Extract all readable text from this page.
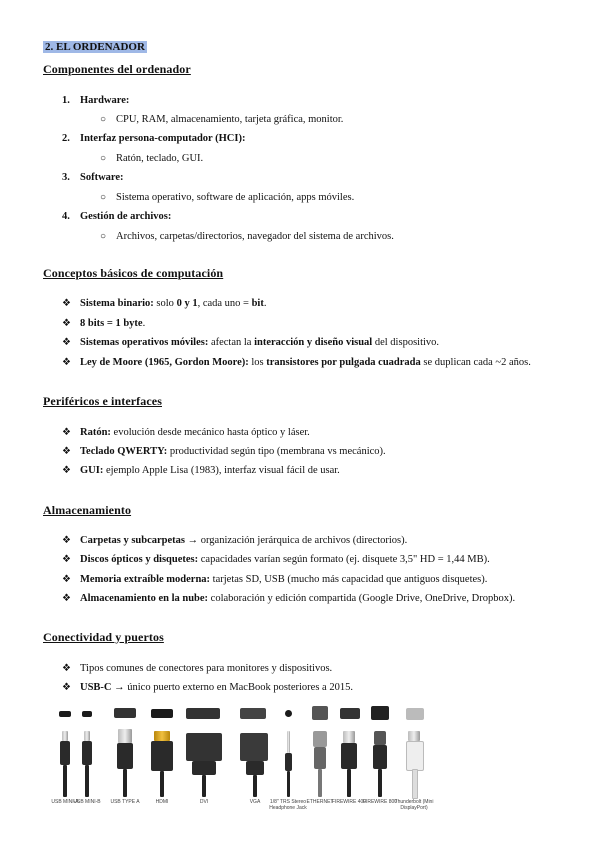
2. EL ORDENADOR
Componentes del ordenador
1. Hardware:
○ CPU, RAM, almacenamiento, tarjeta gráfica, monitor.
2. Interfaz persona-computador (HCI):
○ Ratón, teclado, GUI.
3. Software:
○ Sistema operativo, software de aplicación, apps móviles.
4. Gestión de archivos:
○ Archivos, carpetas/directorios, navegador del sistema de archivos.
Conceptos básicos de computación
❖ Sistema binario: solo 0 y 1, cada uno = bit.
❖ 8 bits = 1 byte.
❖ Sistemas operativos móviles: afectan la interacción y diseño visual del dispositivo.
❖ Ley de Moore (1965, Gordon Moore): los transistores por pulgada cuadrada se duplican cada ~2 años.
Periféricos e interfaces
❖ Ratón: evolución desde mecánico hasta óptico y láser.
❖ Teclado QWERTY: productividad según tipo (membrana vs mecánico).
❖ GUI: ejemplo Apple Lisa (1983), interfaz visual fácil de usar.
Almacenamiento
❖ Carpetas y subcarpetas → organización jerárquica de archivos (directorios).
❖ Discos ópticos y disquetes: capacidades varían según formato (ej. disquete 3,5" HD = 1,44 MB).
❖ Memoria extraíble moderna: tarjetas SD, USB (mucho más capacidad que antiguos disquetes).
❖ Almacenamiento en la nube: colaboración y edición compartida (Google Drive, OneDrive, Dropbox).
Conectividad y puertos
❖ Tipos comunes de conectores para monitores y dispositivos.
❖ USB-C → único puerto externo en MacBook posteriores a 2015.
USB MINI-A
USB MINI-B	USB TYPE A	HDMI	DVI	VGA	1/8" TRS Stereo Headphone Jack
ETHERNET
FIREWIRE 400
FIREWIRE 800
Thunderbolt (Mini DisplayPort)
